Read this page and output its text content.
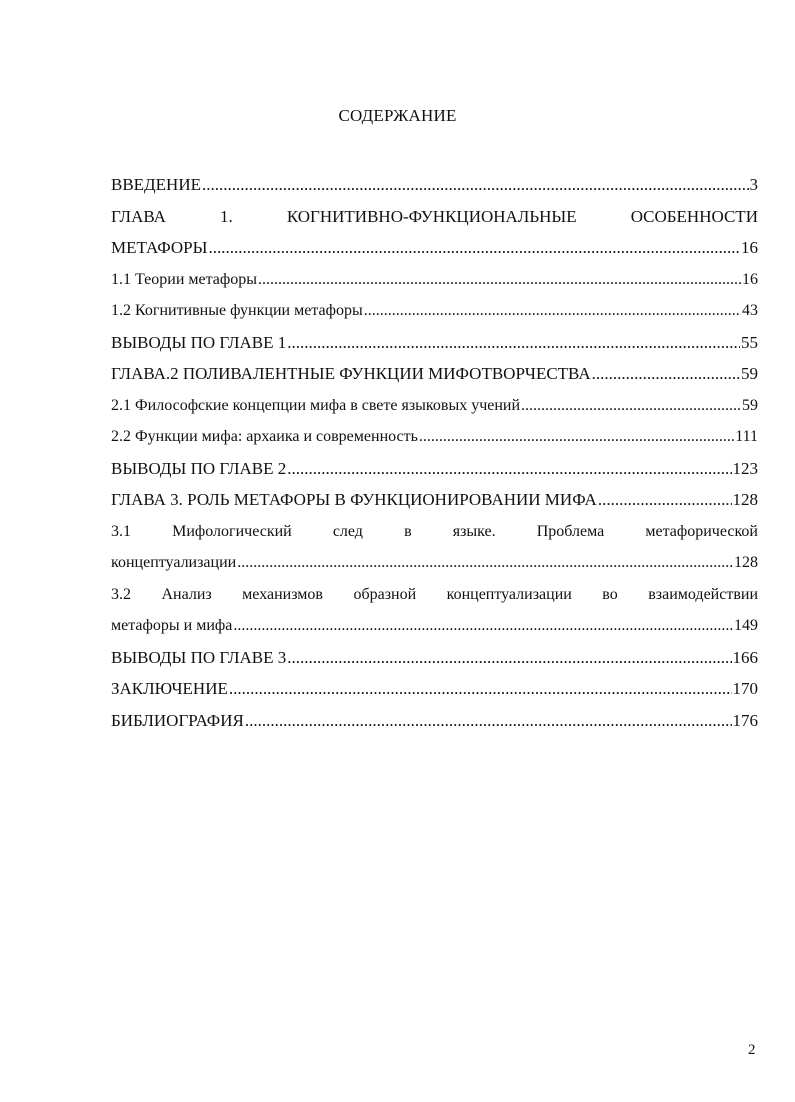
СОДЕРЖАНИЕ
ВВЕДЕНИЕ .....	3
ГЛАВА	1.	КОГНИТИВНО-ФУНКЦИОНАЛЬНЫЕ	ОСОБЕННОСТИ
МЕТАФОРЫ .....	16
1.1 Теории метафоры .....	16
1.2 Когнитивные функции метафоры .....	43
ВЫВОДЫ ПО ГЛАВЕ 1 .....	55
ГЛАВА.2 ПОЛИВАЛЕНТНЫЕ ФУНКЦИИ МИФОТВОРЧЕСТВА .....	59
2.1 Философские концепции мифа в свете языковых учений .....	59
2.2 Функции мифа: архаика и современность .....	111
ВЫВОДЫ ПО ГЛАВЕ 2 .....	123
ГЛАВА 3. РОЛЬ МЕТАФОРЫ В ФУНКЦИОНИРОВАНИИ МИФА .....	128
3.1	Мифологический	след	в	языке.	Проблема	метафорической
концептуализации .....	128
3.2 Анализ механизмов образной концептуализации во взаимодействии
метафоры и мифа .....	149
ВЫВОДЫ ПО ГЛАВЕ 3 .....	166
ЗАКЛЮЧЕНИЕ .....	170
БИБЛИОГРАФИЯ .....	176
2
